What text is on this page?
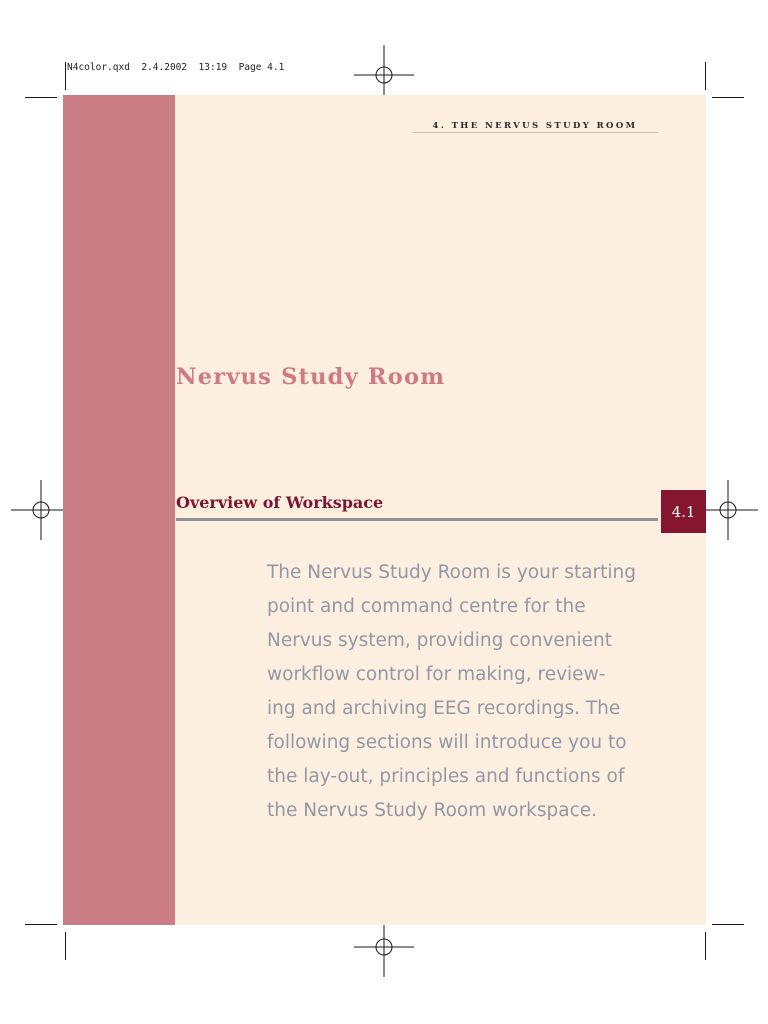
N4color.qxd  2.4.2002  13:19  Page 4.1
4. THE NERVUS STUDY ROOM
Nervus Study Room
Overview of Workspace	4.1

The Nervus Study Room is your starting
point and command centre for the
Nervus system, providing convenient
workflow control for making, review-
ing and archiving EEG recordings. The
following sections will introduce you to
the lay-out, principles and functions of
the Nervus Study Room workspace.
